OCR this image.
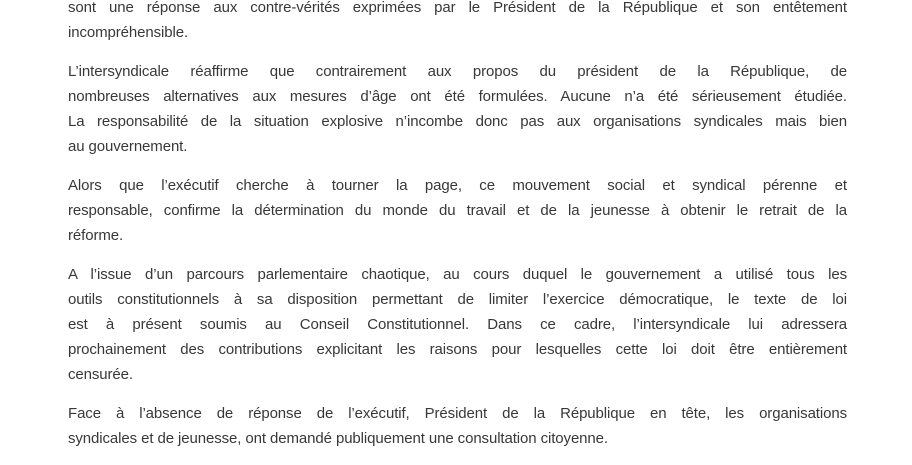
sont une réponse aux contre-vérités exprimées par le Président de la République et son entêtement
incompréhensible.
L’intersyndicale réaffirme que contrairement aux propos du président de la République, de
nombreuses alternatives aux mesures d’âge ont été formulées. Aucune n’a été sérieusement étudiée.
La responsabilité de la situation explosive n’incombe donc pas aux organisations syndicales mais bien
au gouvernement.
Alors que l’exécutif cherche à tourner la page, ce mouvement social et syndical pérenne et
responsable, confirme la détermination du monde du travail et de la jeunesse à obtenir le retrait de la
réforme.
A l’issue d’un parcours parlementaire chaotique, au cours duquel le gouvernement a utilisé tous les
outils constitutionnels à sa disposition permettant de limiter l’exercice démocratique, le texte de loi
est à présent soumis au Conseil Constitutionnel. Dans ce cadre, l’intersyndicale lui adressera
prochainement des contributions explicitant les raisons pour lesquelles cette loi doit être entièrement
censurée.
Face à l’absence de réponse de l’exécutif, Président de la République en tête, les organisations
syndicales et de jeunesse, ont demandé publiquement une consultation citoyenne.
